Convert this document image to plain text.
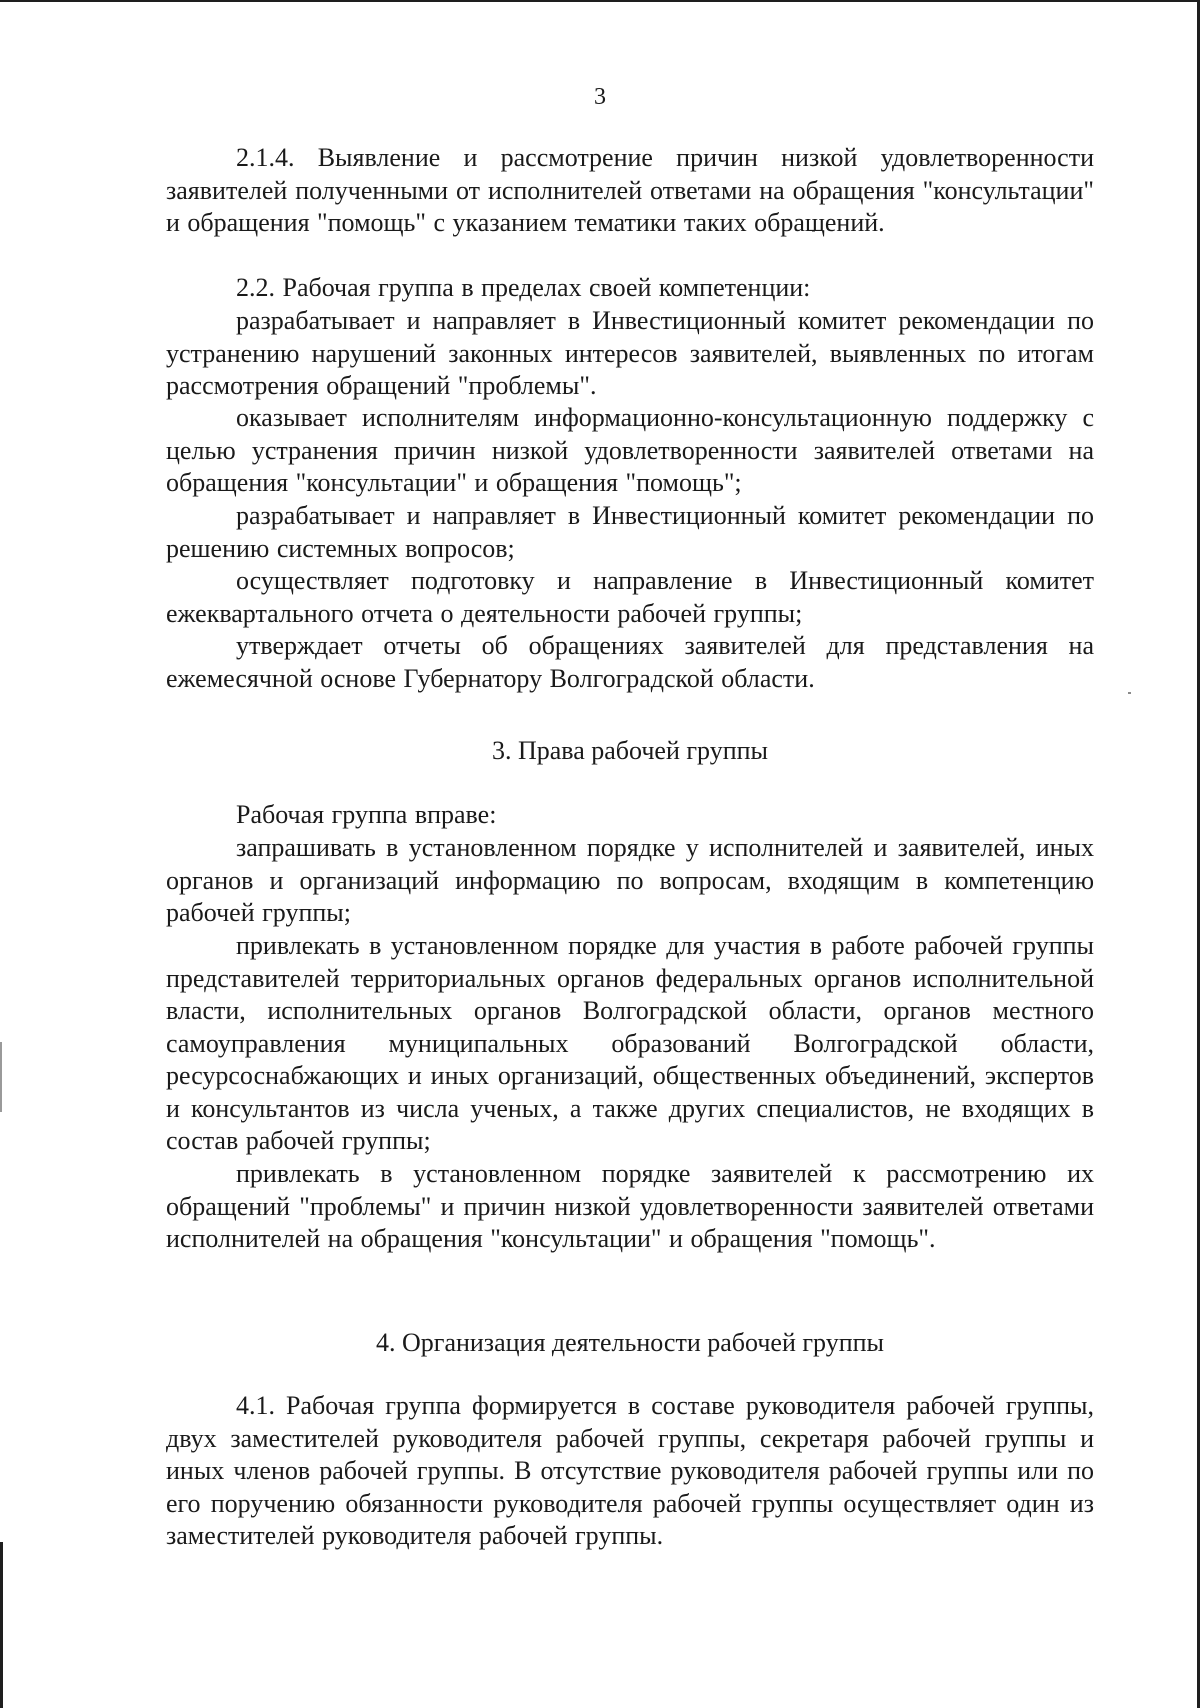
3

2.1.4. Выявление и рассмотрение причин низкой удовлетворенности заявителей полученными от исполнителей ответами на обращения "консультации" и обращения "помощь" с указанием тематики таких обращений.

2.2. Рабочая группа в пределах своей компетенции:

разрабатывает и направляет в Инвестиционный комитет рекомендации по устранению нарушений законных интересов заявителей, выявленных по итогам рассмотрения обращений "проблемы".

оказывает исполнителям информационно-консультационную поддержку с целью устранения причин низкой удовлетворенности заявителей ответами на обращения "консультации" и обращения "помощь";

разрабатывает и направляет в Инвестиционный комитет рекомендации по решению системных вопросов;

осуществляет подготовку и направление в Инвестиционный комитет ежеквартального отчета о деятельности рабочей группы;

утверждает отчеты об обращениях заявителей для представления на ежемесячной основе Губернатору Волгоградской области.

3. Права рабочей группы

Рабочая группа вправе:

запрашивать в установленном порядке у исполнителей и заявителей, иных органов и организаций информацию по вопросам, входящим в компетенцию рабочей группы;

привлекать в установленном порядке для участия в работе рабочей группы представителей территориальных органов федеральных органов исполнительной власти, исполнительных органов Волгоградской области, органов местного самоуправления муниципальных образований Волгоградской области, ресурсоснабжающих и иных организаций, общественных объединений, экспертов и консультантов из числа ученых, а также других специалистов, не входящих в состав рабочей группы;

привлекать в установленном порядке заявителей к рассмотрению их обращений "проблемы" и причин низкой удовлетворенности заявителей ответами исполнителей на обращения "консультации" и обращения "помощь".

4. Организация деятельности рабочей группы

4.1. Рабочая группа формируется в составе руководителя рабочей группы, двух заместителей руководителя рабочей группы, секретаря рабочей группы и иных членов рабочей группы. В отсутствие руководителя рабочей группы или по его поручению обязанности руководителя рабочей группы осуществляет один из заместителей руководителя рабочей группы.
